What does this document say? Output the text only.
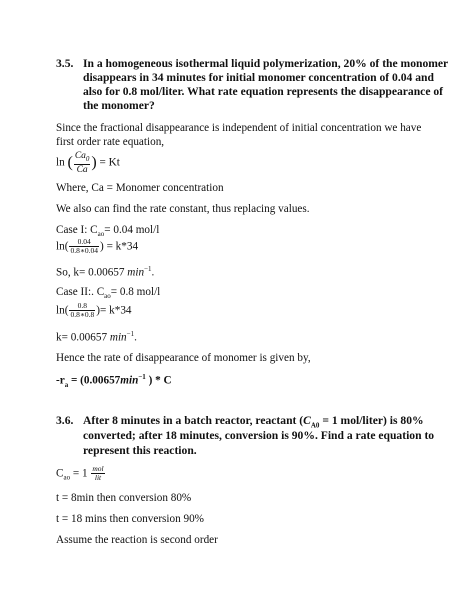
3.5. In a homogeneous isothermal liquid polymerization, 20% of the monomer
disappears in 34 minutes for initial monomer concentration of 0.04 and
also for 0.8 mol/liter. What rate equation represents the disappearance of
the monomer?
Since the fractional disappearance is independent of initial concentration we have
first order rate equation,
ln ( $\frac{Ca_0}{Ca}$ ) = Kt
Where, Ca = Monomer concentration
We also can find the rate constant, thus replacing values.
Case I: $C_{ao}= 0.04$ mol/l
$\ln( \frac{0.04}{0.8∗0.04}$ ) = k*34
So, k= 0.00657 $\min^{-1}$.
Case II:. $C_{ao}= 0.8$ mol/l
$\ln( \frac{0.8}{0.8∗0.8}$ )= k*34
k= 0.00657 $\min^{-1}$.
Hence the rate of disappearance of monomer is given by,
$-r_a = (0.00657\min^{-1}$ ) * C
3.6. After 8 minutes in a batch reactor, reactant ($C_{A0} = 1$ mol/liter) is 80%
converted; after 18 minutes, conversion is 90%. Find a rate equation to
represent this reaction.
$C_{ao} = 1 \frac{\text{mol}}{\text{lit}}$
t = 8min then conversion 80%
t = 18 mins then conversion 90%
Assume the reaction is second order
